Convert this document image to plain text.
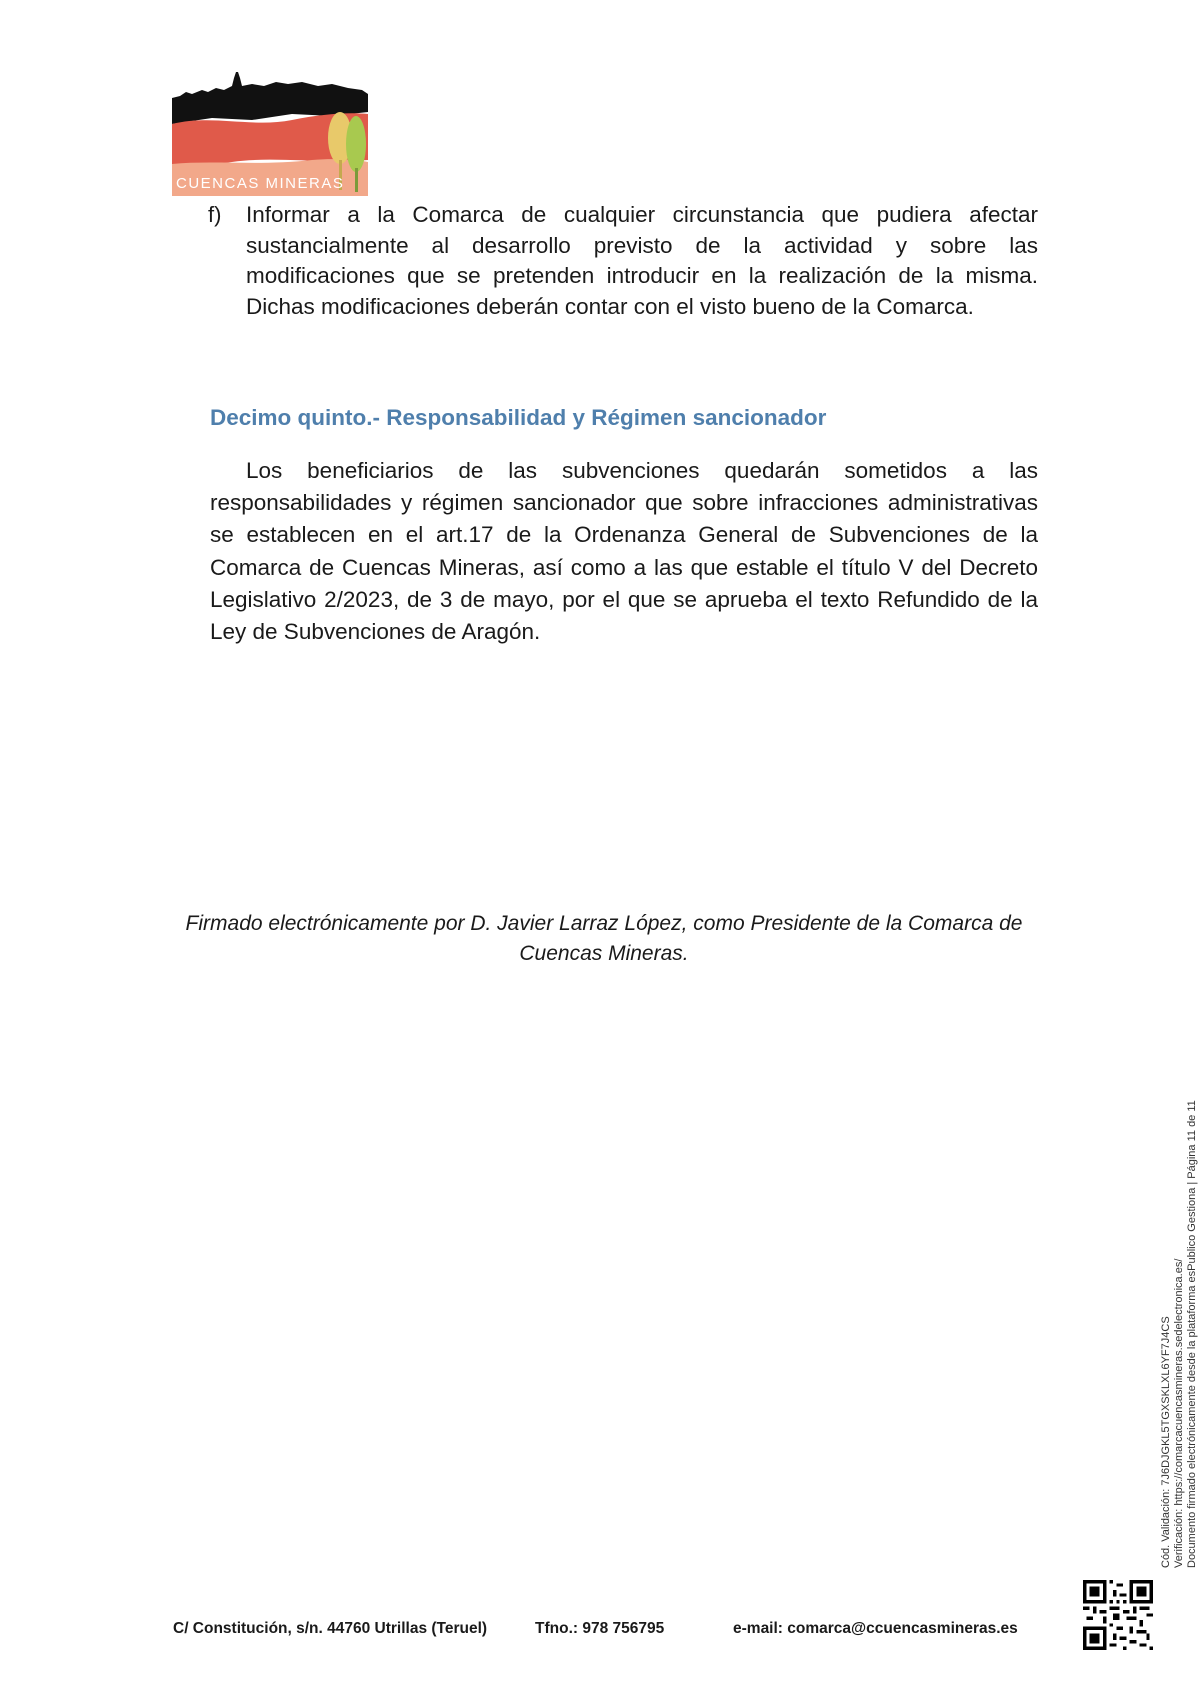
CUENCAS MINERAS
f) Informar a la Comarca de cualquier circunstancia que pudiera afectar sustancialmente al desarrollo previsto de la actividad y sobre las modificaciones que se pretenden introducir en la realización de la misma. Dichas modificaciones deberán contar con el visto bueno de la Comarca.
Decimo quinto.- Responsabilidad y Régimen sancionador

Los beneficiarios de las subvenciones quedarán sometidos a las responsabilidades y régimen sancionador que sobre infracciones administrativas se establecen en el art.17 de la Ordenanza General de Subvenciones de la Comarca de Cuencas Mineras, así como a las que estable el título V del Decreto Legislativo 2/2023, de 3 de mayo, por el que se aprueba el texto Refundido de la Ley de Subvenciones de Aragón.

Firmado electrónicamente por D. Javier Larraz López, como Presidente de la Comarca de Cuencas Mineras.

C/ Constitución, s/n. 44760 Utrillas (Teruel)	Tfno.: 978 756795	e-mail: comarca@ccuencasmineras.es
Cód. Validación: 7J6DJGKL5TGXSKLXL6YF7J4CS Verificación: https://comarcacuencasmineras.sedelectronica.es/ Documento firmado electrónicamente desde la plataforma esPublico Gestiona | Página 11 de 11
